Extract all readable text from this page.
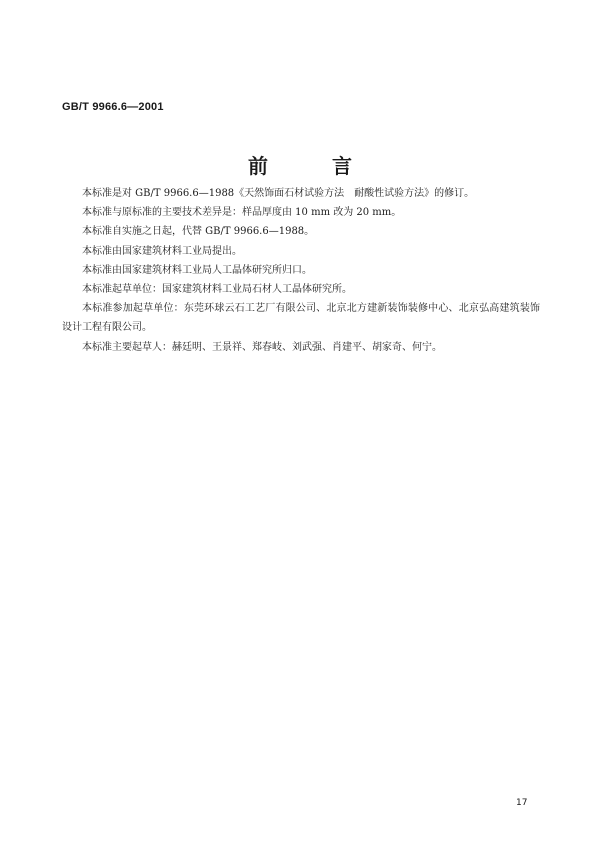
GB/T 9966.6—2001
前　言

本标准是对 GB/T 9966.6—1988《天然饰面石材试验方法　耐酸性试验方法》的修订。

本标准与原标准的主要技术差异是：样品厚度由 10 mm 改为 20 mm。

本标准自实施之日起，代替 GB/T 9966.6—1988。

本标准由国家建筑材料工业局提出。

本标准由国家建筑材料工业局人工晶体研究所归口。

本标准起草单位：国家建筑材料工业局石材人工晶体研究所。

本标准参加起草单位：东莞环球云石工艺厂有限公司、北京北方建新装饰装修中心、北京弘高建筑装饰设计工程有限公司。

本标准主要起草人：赫廷明、王景祥、郑春岐、刘武强、肖建平、胡家奇、何宁。

17
